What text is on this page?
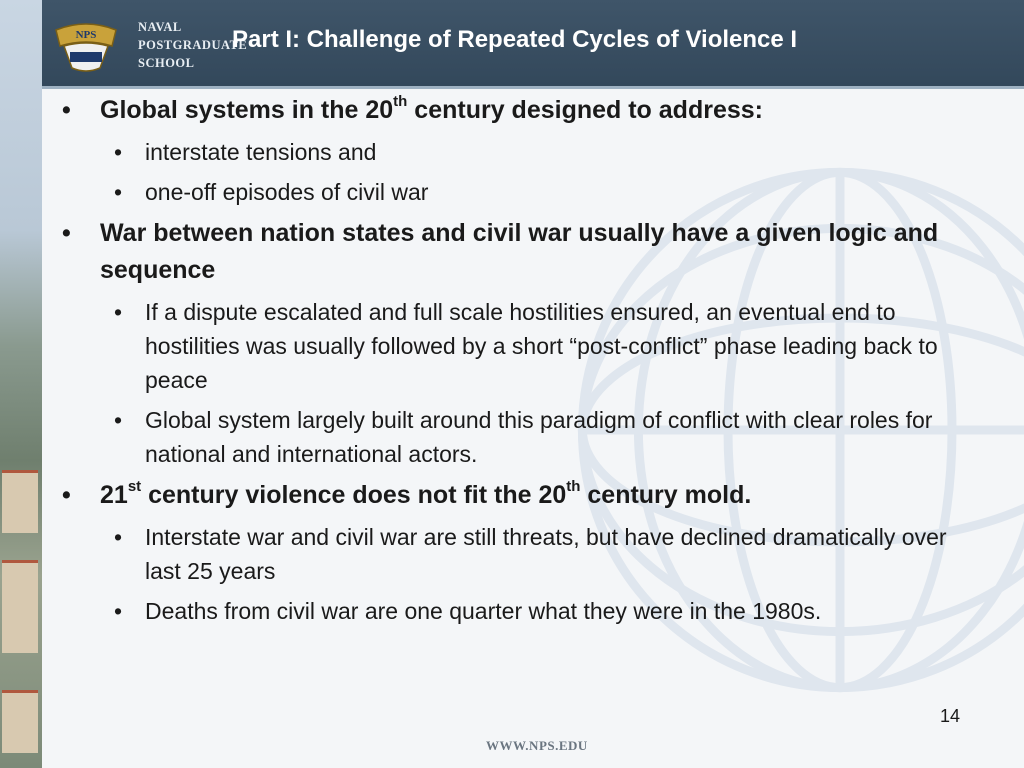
NPS
NAVAL
POSTGRADUATE
SCHOOL
Part I: Challenge of Repeated Cycles of Violence I
• Global systems in the 20th century designed to address:
• interstate tensions and
• one-off episodes of civil war
• War between nation states and civil war usually have a given logic and sequence
• If a dispute escalated and full scale hostilities ensured, an eventual end to hostilities was usually followed by a short “post-conflict” phase leading back to peace
• Global system largely built around this paradigm of conflict with clear roles for national and international actors.
• 21st century violence does not fit the 20th century mold.
• Interstate war and civil war are still threats, but have declined dramatically over last 25 years
• Deaths from civil war are one quarter what they were in the 1980s.
14
WWW.NPS.EDU
